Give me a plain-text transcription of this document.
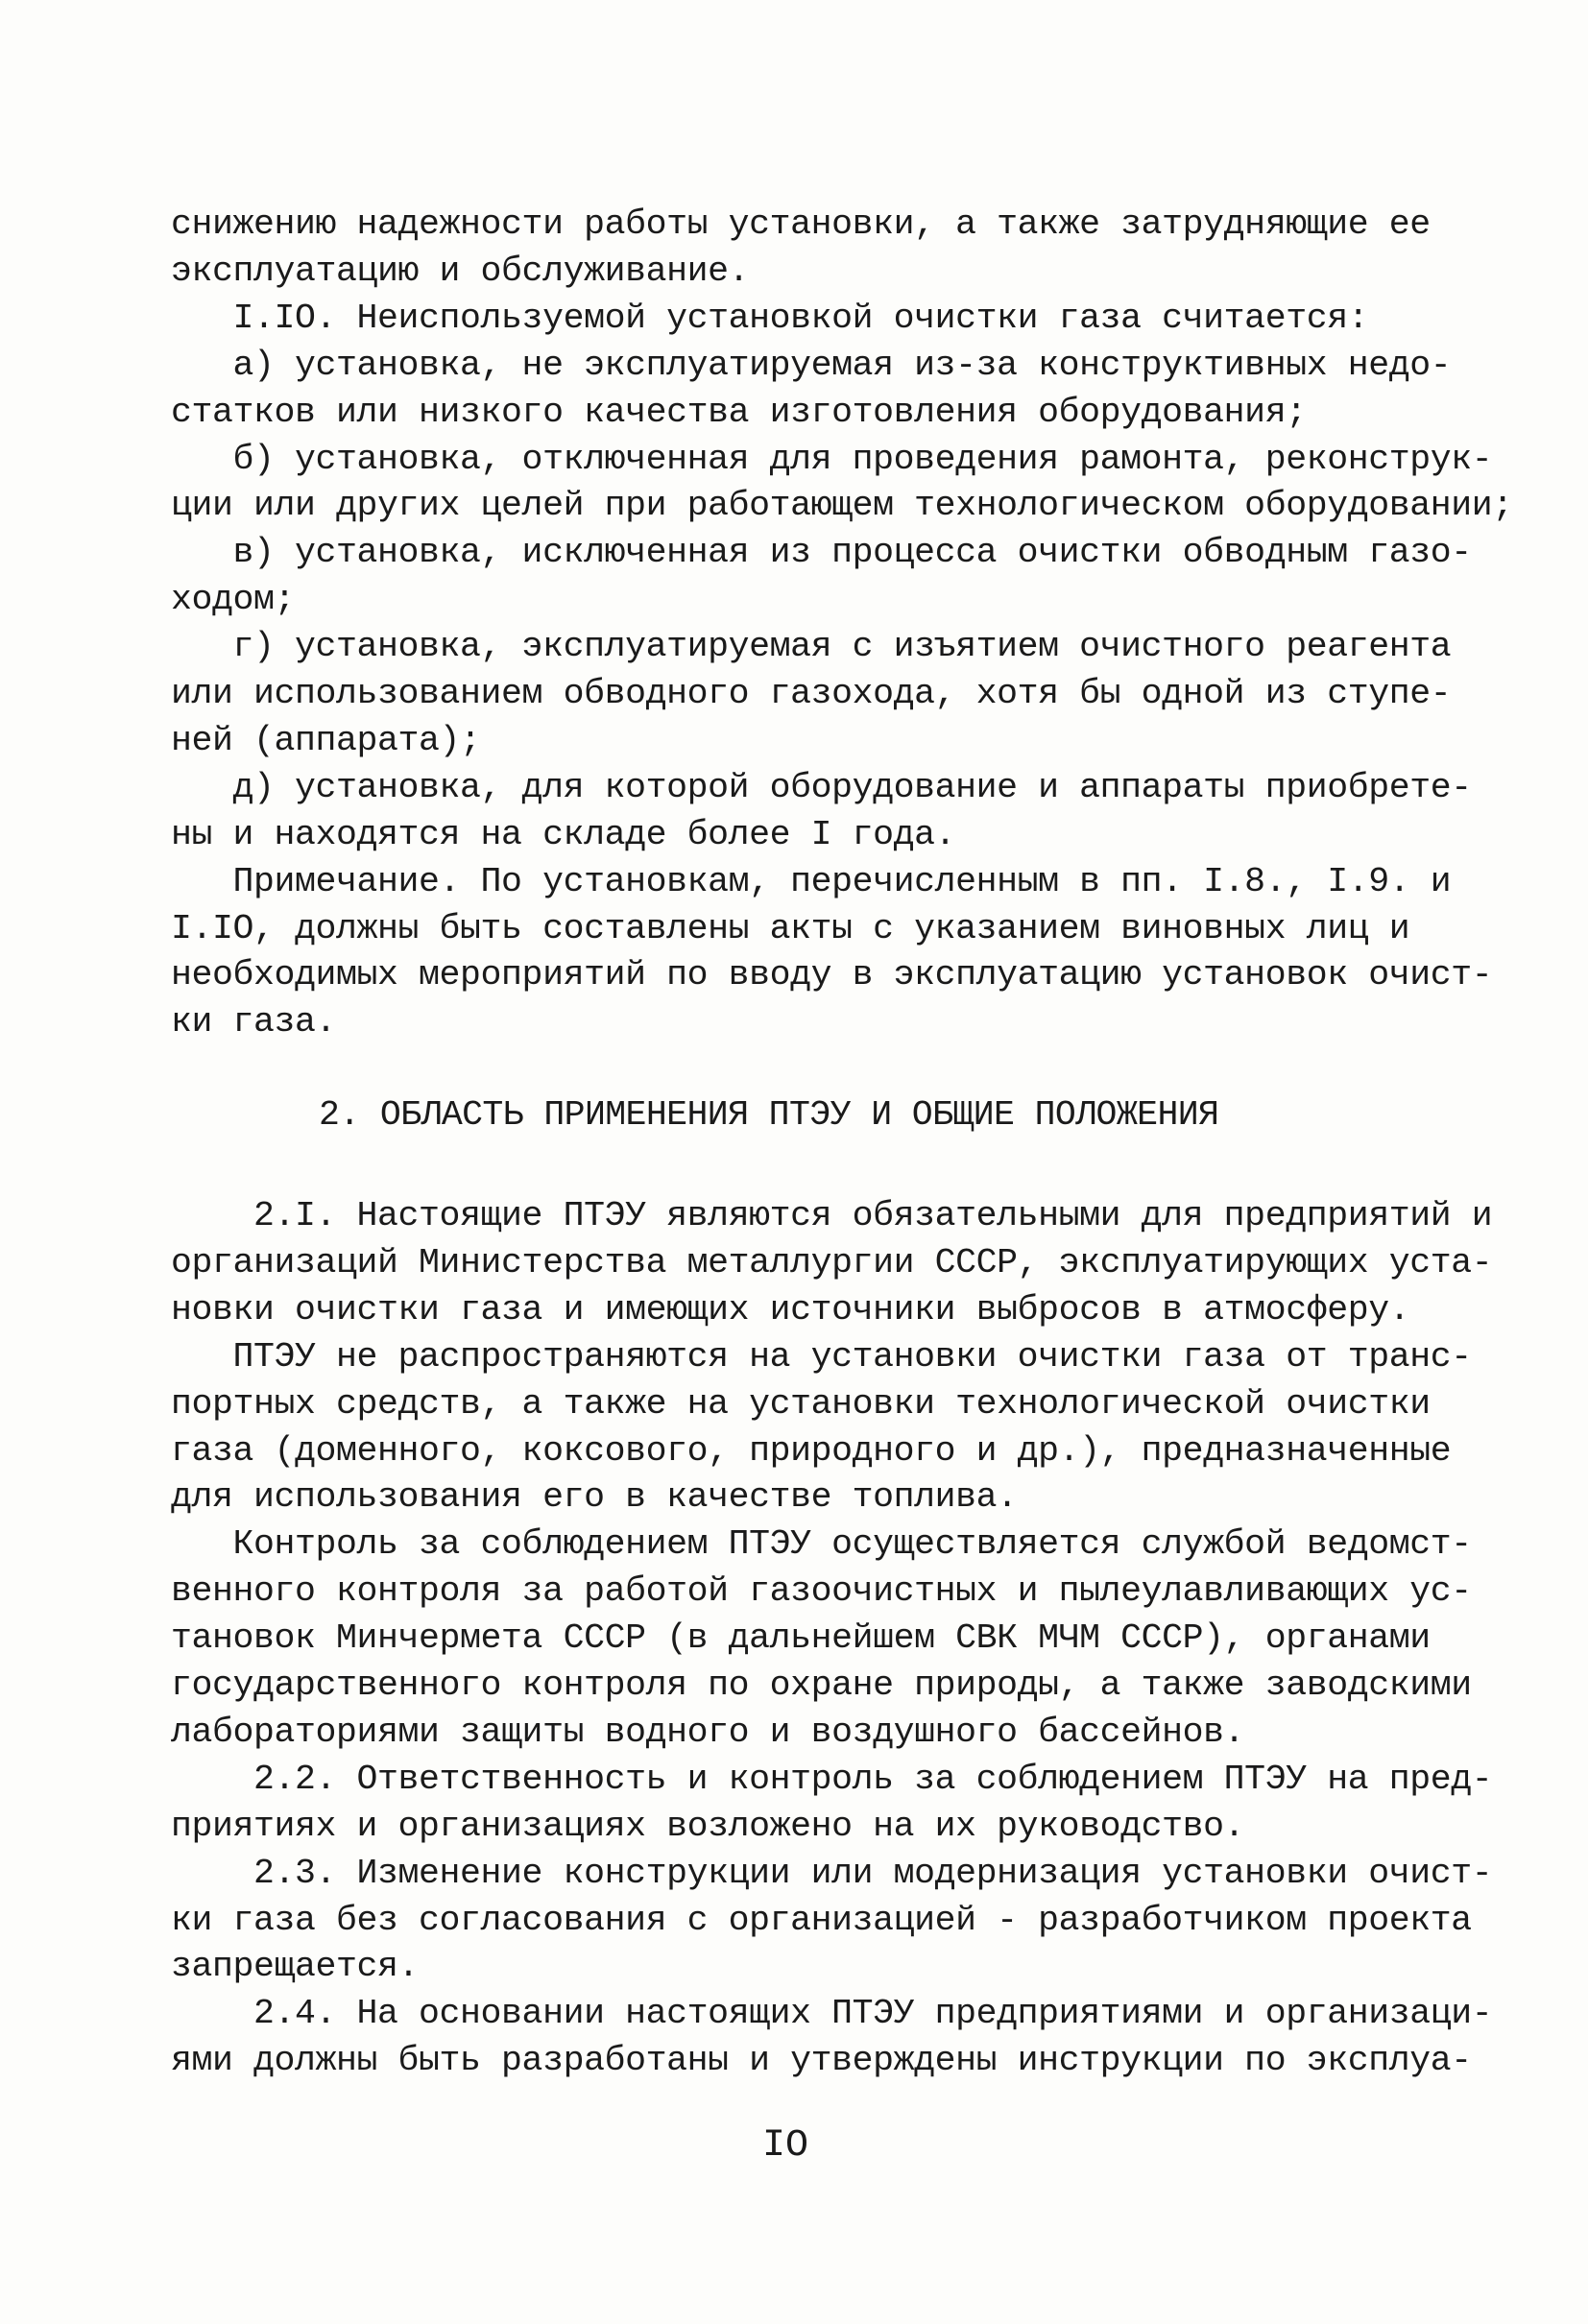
снижению надежности работы установки, а также затрудняющие ее
эксплуатацию и обслуживание.
I.IO. Неиспользуемой установкой очистки газа считается:
а) установка, не эксплуатируемая из-за конструктивных недо-
статков или низкого качества изготовления оборудования;
б) установка, отключенная для проведения рамонта, реконструк-
ции или других целей при работающем технологическом оборудовании;
в) установка, исключенная из процесса очистки обводным газо-
ходом;
г) установка, эксплуатируемая с изъятием очистного реагента
или использованием обводного газохода, хотя бы одной из ступе-
ней (аппарата);
д) установка, для которой оборудование и аппараты приобрете-
ны и находятся на складе более I года.
Примечание. По установкам, перечисленным в пп. I.8., I.9. и
I.IO, должны быть составлены акты с указанием виновных лиц и
необходимых мероприятий по вводу в эксплуатацию установок очист-
ки газа.
2. ОБЛАСТЬ ПРИМЕНЕНИЯ ПТЭУ И ОБЩИЕ ПОЛОЖЕНИЯ
2.I. Настоящие ПТЭУ являются обязательными для предприятий и
организаций Министерства металлургии СССР, эксплуатирующих уста-
новки очистки газа и имеющих источники выбросов в атмосферу.
ПТЭУ не распространяются на установки очистки газа от транс-
портных средств, а также на установки технологической очистки
газа (доменного, коксового, природного и др.), предназначенные
для использования его в качестве топлива.
Контроль за соблюдением ПТЭУ осуществляется службой ведомст-
венного контроля за работой газоочистных и пылеулавливающих ус-
тановок Минчермета СССР (в дальнейшем СВК МЧМ СССР), органами
государственного контроля по охране природы, а также заводскими
лабораториями защиты водного и воздушного бассейнов.
2.2. Ответственность и контроль за соблюдением ПТЭУ на пред-
приятиях и организациях возложено на их руководство.
2.3. Изменение конструкции или модернизация установки очист-
ки газа без согласования с организацией - разработчиком проекта
запрещается.
2.4. На основании настоящих ПТЭУ предприятиями и организаци-
ями должны быть разработаны и утверждены инструкции по эксплуа-
IO
